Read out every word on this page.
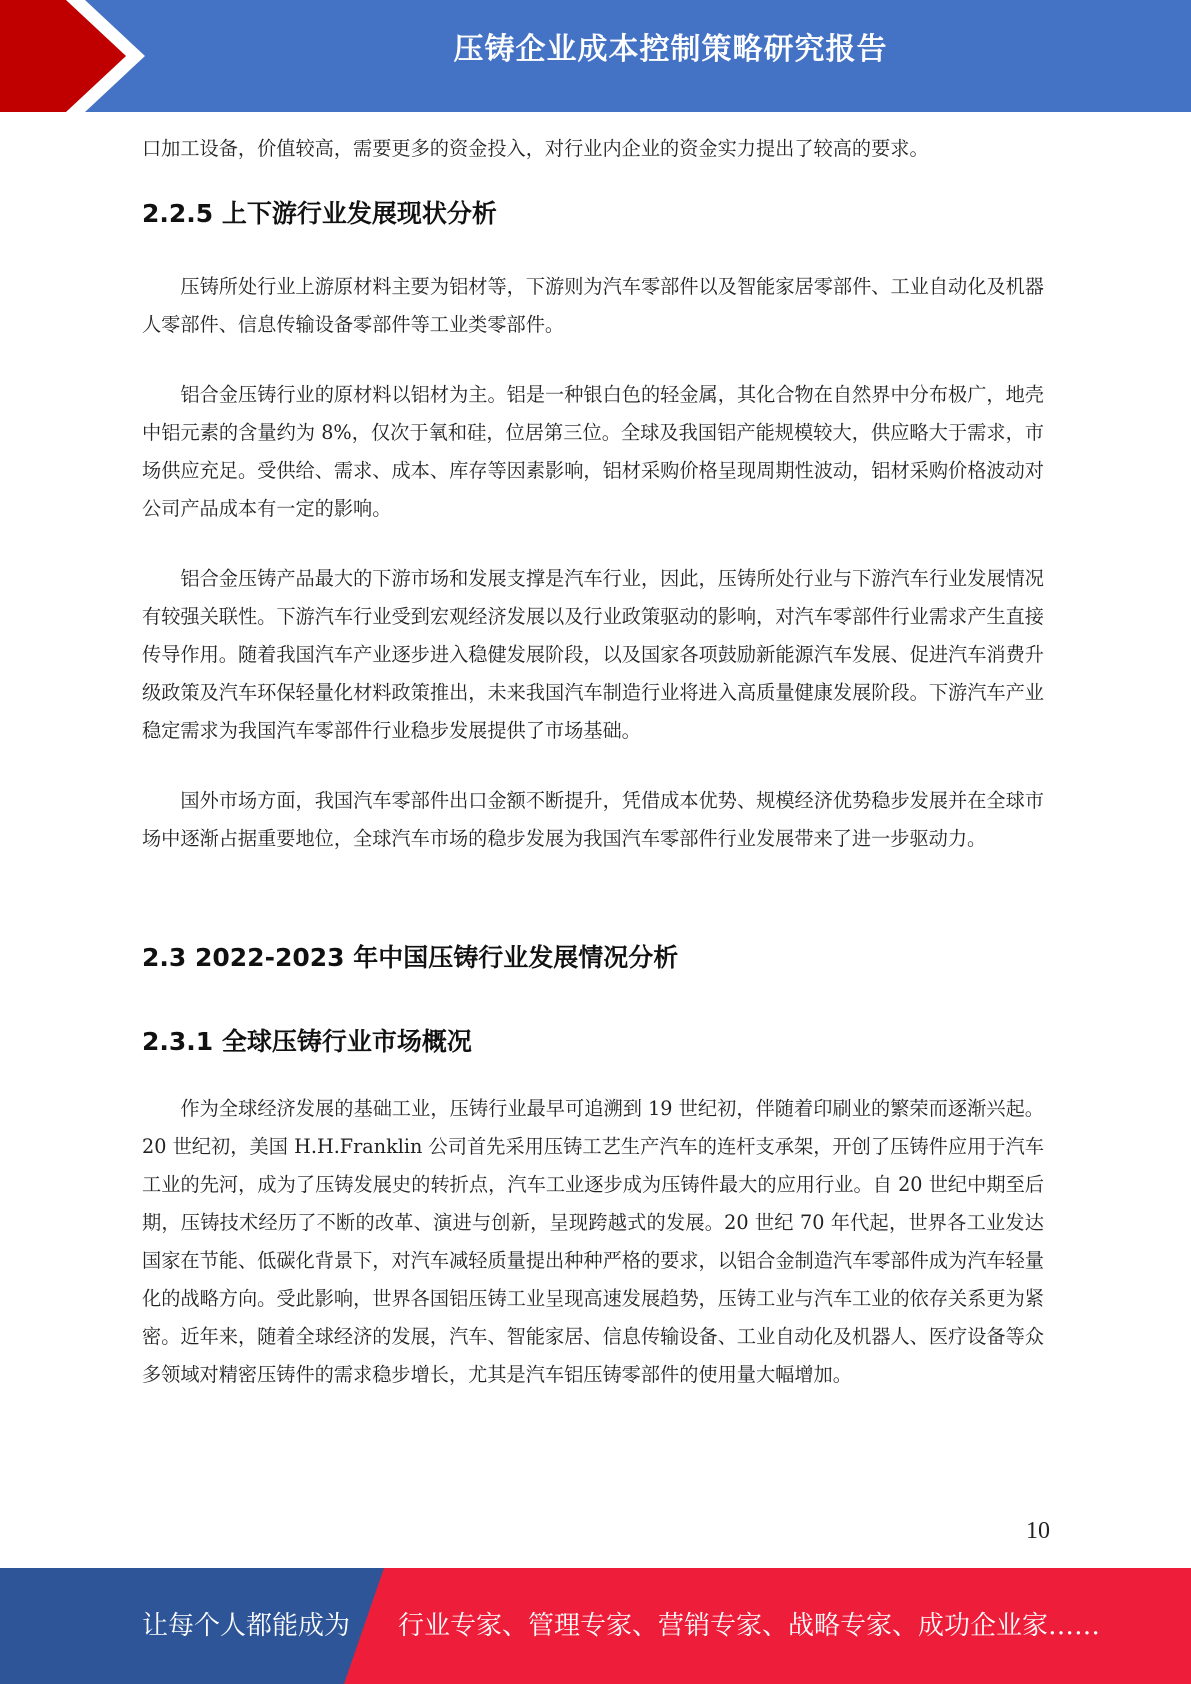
压铸企业成本控制策略研究报告

口加工设备，价值较高，需要更多的资金投入，对行业内企业的资金实力提出了较高的要求。

2.2.5 上下游行业发展现状分析

压铸所处行业上游原材料主要为铝材等，下游则为汽车零部件以及智能家居零部件、工业自动化及机器人零部件、信息传输设备零部件等工业类零部件。

铝合金压铸行业的原材料以铝材为主。铝是一种银白色的轻金属，其化合物在自然界中分布极广，地壳中铝元素的含量约为 8%，仅次于氧和硅，位居第三位。全球及我国铝产能规模较大，供应略大于需求，市场供应充足。受供给、需求、成本、库存等因素影响，铝材采购价格呈现周期性波动，铝材采购价格波动对公司产品成本有一定的影响。

铝合金压铸产品最大的下游市场和发展支撑是汽车行业，因此，压铸所处行业与下游汽车行业发展情况有较强关联性。下游汽车行业受到宏观经济发展以及行业政策驱动的影响，对汽车零部件行业需求产生直接传导作用。随着我国汽车产业逐步进入稳健发展阶段，以及国家各项鼓励新能源汽车发展、促进汽车消费升级政策及汽车环保轻量化材料政策推出，未来我国汽车制造行业将进入高质量健康发展阶段。下游汽车产业稳定需求为我国汽车零部件行业稳步发展提供了市场基础。

国外市场方面，我国汽车零部件出口金额不断提升，凭借成本优势、规模经济优势稳步发展并在全球市场中逐渐占据重要地位，全球汽车市场的稳步发展为我国汽车零部件行业发展带来了进一步驱动力。

2.3 2022-2023 年中国压铸行业发展情况分析
2.3.1 全球压铸行业市场概况

作为全球经济发展的基础工业，压铸行业最早可追溯到 19 世纪初，伴随着印刷业的繁荣而逐渐兴起。20 世纪初，美国 H.H.Franklin 公司首先采用压铸工艺生产汽车的连杆支承架，开创了压铸件应用于汽车工业的先河，成为了压铸发展史的转折点，汽车工业逐步成为压铸件最大的应用行业。自 20 世纪中期至后期，压铸技术经历了不断的改革、演进与创新，呈现跨越式的发展。20 世纪 70 年代起，世界各工业发达国家在节能、低碳化背景下，对汽车减轻质量提出种种严格的要求，以铝合金制造汽车零部件成为汽车轻量化的战略方向。受此影响，世界各国铝压铸工业呈现高速发展趋势，压铸工业与汽车工业的依存关系更为紧密。近年来，随着全球经济的发展，汽车、智能家居、信息传输设备、工业自动化及机器人、医疗设备等众多领域对精密压铸件的需求稳步增长，尤其是汽车铝压铸零部件的使用量大幅增加。

10
让每个人都能成为 行业专家、管理专家、营销专家、战略专家、成功企业家……
